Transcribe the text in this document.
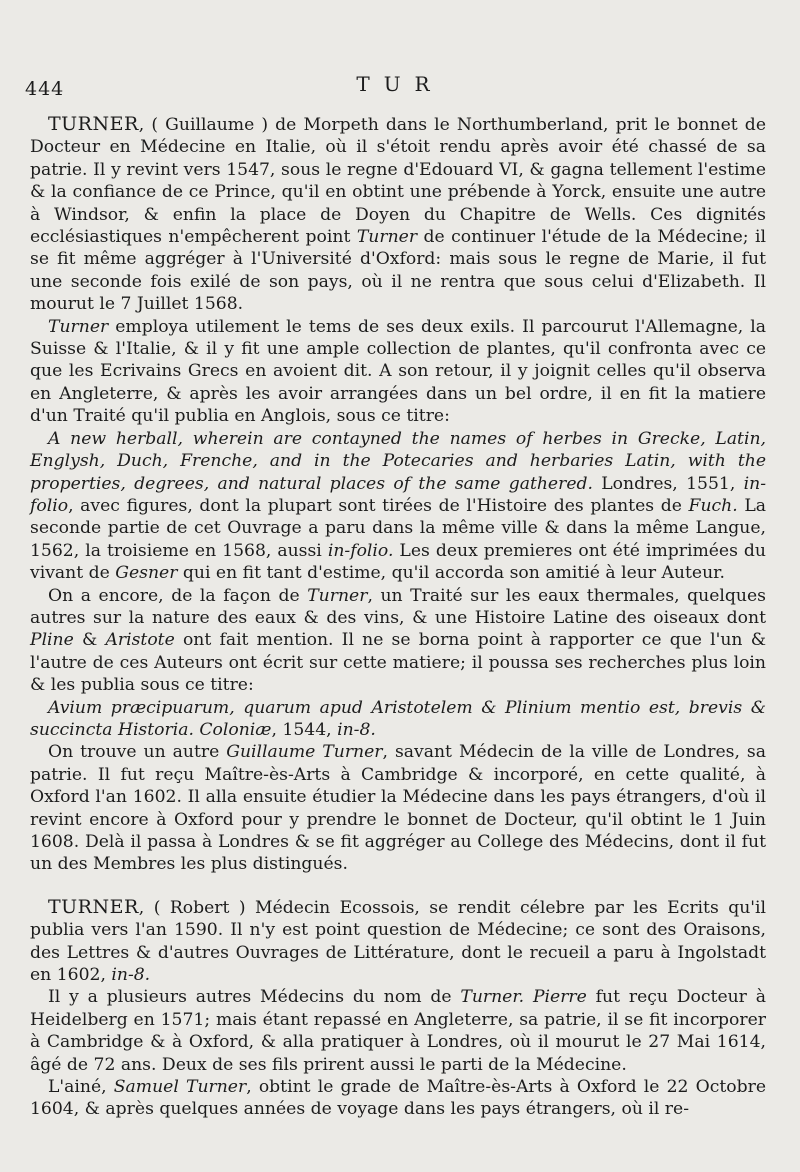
444	TUR

TURNER, ( Guillaume ) de Morpeth dans le Northumberland, prit le bonnet de Docteur en Médecine en Italie, où il s'étoit rendu après avoir été chassé de sa patrie. Il y revint vers 1547, sous le regne d'Edouard VI, & gagna tellement l'estime & la confiance de ce Prince, qu'il en obtint une prébende à Yorck, ensuite une autre à Windsor, & enfin la place de Doyen du Chapitre de Wells. Ces dignités ecclésiastiques n'empêcherent point Turner de continuer l'étude de la Médecine; il se fit même aggréger à l'Université d'Oxford: mais sous le regne de Marie, il fut une seconde fois exilé de son pays, où il ne rentra que sous celui d'Elizabeth. Il mourut le 7 Juillet 1568.

Turner employa utilement le tems de ses deux exils. Il parcourut l'Allemagne, la Suisse & l'Italie, & il y fit une ample collection de plantes, qu'il confronta avec ce que les Ecrivains Grecs en avoient dit. A son retour, il y joignit celles qu'il observa en Angleterre, & après les avoir arrangées dans un bel ordre, il en fit la matiere d'un Traité qu'il publia en Anglois, sous ce titre:

A new herball, wherein are contayned the names of herbes in Grecke, Latin, Englysh, Duch, Frenche, and in the Potecaries and herbaries Latin, with the properties, degrees, and natural places of the same gathered. Londres, 1551, in-folio, avec figures, dont la plupart sont tirées de l'Histoire des plantes de Fuch. La seconde partie de cet Ouvrage a paru dans la même ville & dans la même Langue, 1562, la troisieme en 1568, aussi in-folio. Les deux premieres ont été imprimées du vivant de Gesner qui en fit tant d'estime, qu'il accorda son amitié à leur Auteur.

On a encore, de la façon de Turner, un Traité sur les eaux thermales, quelques autres sur la nature des eaux & des vins, & une Histoire Latine des oiseaux dont Pline & Aristote ont fait mention. Il ne se borna point à rapporter ce que l'un & l'autre de ces Auteurs ont écrit sur cette matiere; il poussa ses recherches plus loin & les publia sous ce titre:

Avium præcipuarum, quarum apud Aristotelem & Plinium mentio est, brevis & succincta Historia. Coloniæ, 1544, in-8.

On trouve un autre Guillaume Turner, savant Médecin de la ville de Londres, sa patrie. Il fut reçu Maître-ès-Arts à Cambridge & incorporé, en cette qualité, à Oxford l'an 1602. Il alla ensuite étudier la Médecine dans les pays étrangers, d'où il revint encore à Oxford pour y prendre le bonnet de Docteur, qu'il obtint le 1 Juin 1608. Delà il passa à Londres & se fit aggréger au College des Médecins, dont il fut un des Membres les plus distingués.

TURNER, ( Robert ) Médecin Ecossois, se rendit célebre par les Ecrits qu'il publia vers l'an 1590. Il n'y est point question de Médecine; ce sont des Oraisons, des Lettres & d'autres Ouvrages de Littérature, dont le recueil a paru à Ingolstadt en 1602, in-8.

Il y a plusieurs autres Médecins du nom de Turner. Pierre fut reçu Docteur à Heidelberg en 1571; mais étant repassé en Angleterre, sa patrie, il se fit incorporer à Cambridge & à Oxford, & alla pratiquer à Londres, où il mourut le 27 Mai 1614, âgé de 72 ans. Deux de ses fils prirent aussi le parti de la Médecine.

L'ainé, Samuel Turner, obtint le grade de Maître-ès-Arts à Oxford le 22 Octobre 1604, & après quelques années de voyage dans les pays étrangers, où il re-
